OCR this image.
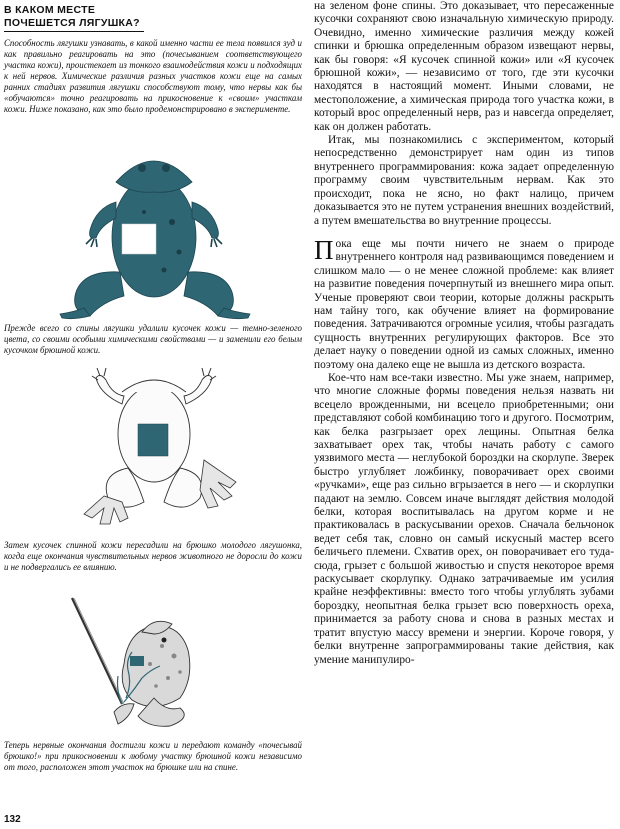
В КАКОМ МЕСТЕ
ПОЧЕШЕТСЯ ЛЯГУШКА?

Способность лягушки узнавать, в какой именно части ее тела появился зуд и как правильно реагировать на это (почесыванием соответствующего участка кожи), проистекает из тонкого взаимодействия кожи и подходящих к ней нервов. Химические различия разных участков кожи еще на самых ранних стадиях развития лягушки способствуют тому, что нервы как бы «обучаются» точно реагировать на прикосновение к «своим» участкам кожи. Ниже показано, как это было продемонстрировано в эксперименте.

Прежде всего со спины лягушки удалили кусочек кожи — темно-зеленого цвета, со своими особыми химическими свойствами — и заменили его белым кусочком брюшной кожи.

Затем кусочек спинной кожи пересадили на брюшко молодого лягушонка, когда еще окончания чувствительных нервов животного не доросли до кожи и не подвергались ее влиянию.

Теперь нервные окончания достигли кожи и передают команду «почесывай брюшко!» при прикосновении к любому участку брюшной кожи независимо от того, расположен этот участок на брюшке или на спине.

132

на зеленом фоне спины. Это доказывает, что пересаженные кусочки сохраняют свою изначальную химическую природу. Очевидно, именно химические различия между кожей спинки и брюшка определенным образом извещают нервы, как бы говоря: «Я кусочек спинной кожи» или «Я кусочек брюшной кожи», — независимо от того, где эти кусочки находятся в настоящий момент. Иными словами, не местоположение, а химическая природа того участка кожи, в который врос определенный нерв, раз и навсегда определяет, как он должен работать.

Итак, мы познакомились с экспериментом, который непосредственно демонстрирует нам один из типов внутреннего программирования: кожа задает определенную программу своим чувствительным нервам. Как это происходит, пока не ясно, но факт налицо, причем доказывается это не путем устранения внешних воздействий, а путем вмешательства во внутренние процессы.

Пока еще мы почти ничего не знаем о природе внутреннего контроля над развивающимся поведением и слишком мало — о не менее сложной проблеме: как влияет на развитие поведения почерпнутый из внешнего мира опыт. Ученые проверяют свои теории, которые должны раскрыть нам тайну того, как обучение влияет на формирование поведения. Затрачиваются огромные усилия, чтобы разгадать сущность внутренних регулирующих факторов. Все это делает науку о поведении одной из самых сложных, именно поэтому она далеко еще не вышла из детского возраста.

Кое-что нам все-таки известно. Мы уже знаем, например, что многие сложные формы поведения нельзя назвать ни всецело врожденными, ни всецело приобретенными; они представляют собой комбинацию того и другого. Посмотрим, как белка разгрызает орех лещины. Опытная белка захватывает орех так, чтобы начать работу с самого уязвимого места — неглубокой бороздки на скорлупе. Зверек быстро углубляет ложбинку, поворачивает орех своими «ручками», еще раз сильно вгрызается в него — и скорлупки падают на землю. Совсем иначе выглядят действия молодой белки, которая воспитывалась на другом корме и не практиковалась в раскусывании орехов. Сначала бельчонок ведет себя так, словно он самый искусный мастер всего беличьего племени. Схватив орех, он поворачивает его туда-сюда, грызет с большой живостью и спустя некоторое время раскусывает скорлупку. Однако затрачиваемые им усилия крайне неэффективны: вместо того чтобы углублять зубами бороздку, неопытная белка грызет всю поверхность ореха, принимается за работу снова и снова в разных местах и тратит впустую массу времени и энергии. Короче говоря, у белки внутренне запрограммированы такие действия, как умение манипулиро-
